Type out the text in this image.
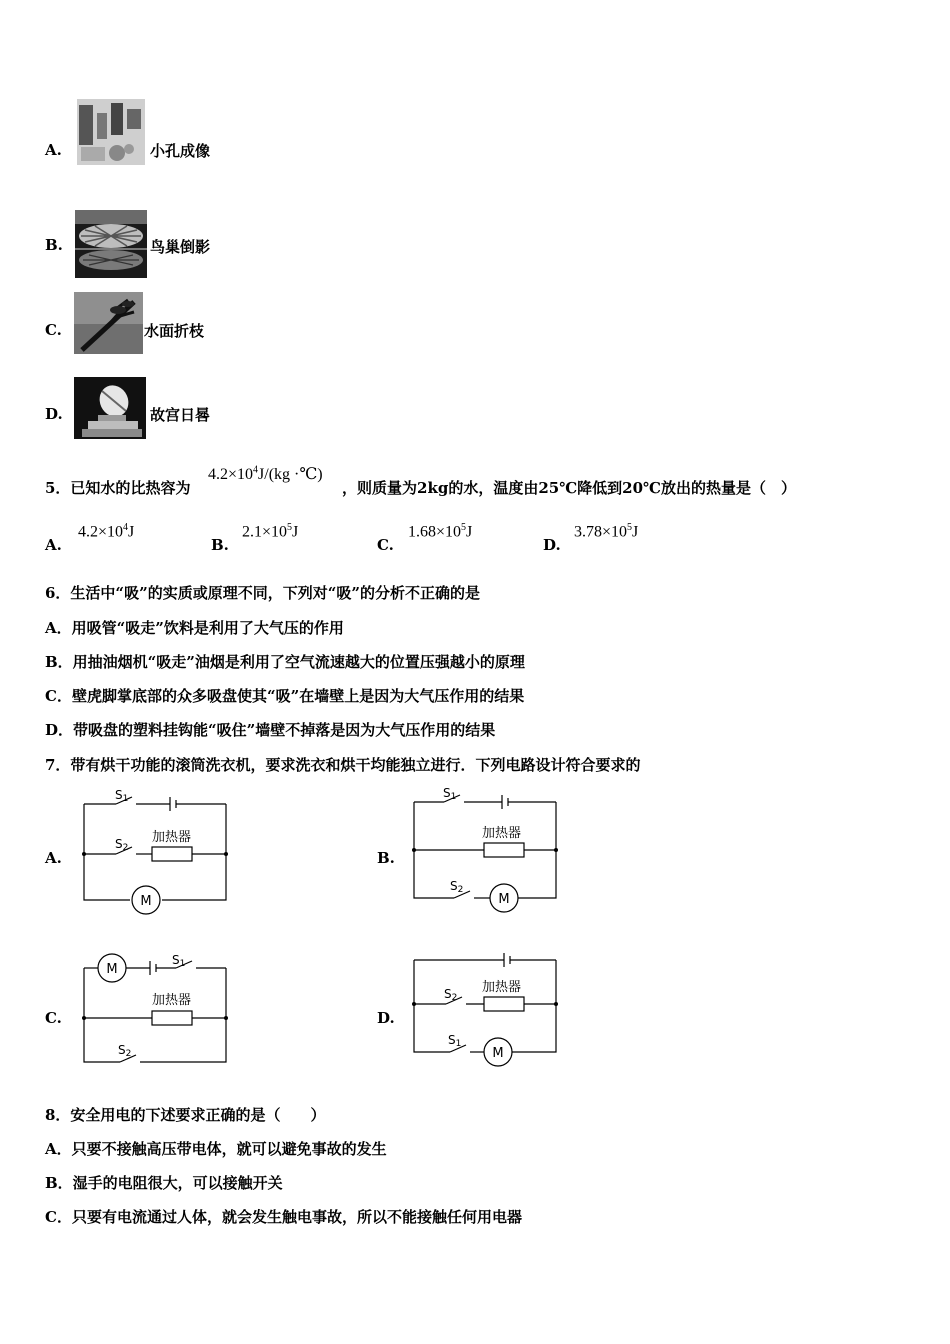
A.	小孔成像
B.	鸟巢倒影
C.	水面折枝
D.	故宫日晷
5．已知水的比热容为
$4.2\times 10^4J/(kg$ ·℃)
，则质量为2kg的水，温度由25℃降低到20℃放出的热量是（　）
A.
$4.2\times 10^4J$
B.
$2.1\times 10^5J$
C.
$1.68\times 10^5J$
D.
$3.78\times 10^5J$
6．生活中“吸”的实质或原理不同，下列对“吸”的分析不正确的是
A．用吸管“吸走”饮料是利用了大气压的作用
B．用抽油烟机“吸走”油烟是利用了空气流速越大的位置压强越小的原理
C．壁虎脚掌底部的众多吸盘使其“吸”在墙壁上是因为大气压作用的结果
D．带吸盘的塑料挂钩能“吸住”墙壁不掉落是因为大气压作用的结果
7．带有烘干功能的滚筒洗衣机，要求洗衣和烘干均能独立进行．下列电路设计符合要求的
A.
S1
S2
加热器
M
B.
S1
S2
加热器
M
C.
S1
S2
加热器
M
D.
S1
S2
加热器
M
8．安全用电的下述要求正确的是（　　）
A．只要不接触高压带电体，就可以避免事故的发生
B．湿手的电阻很大，可以接触开关
C．只要有电流通过人体，就会发生触电事故，所以不能接触任何用电器
